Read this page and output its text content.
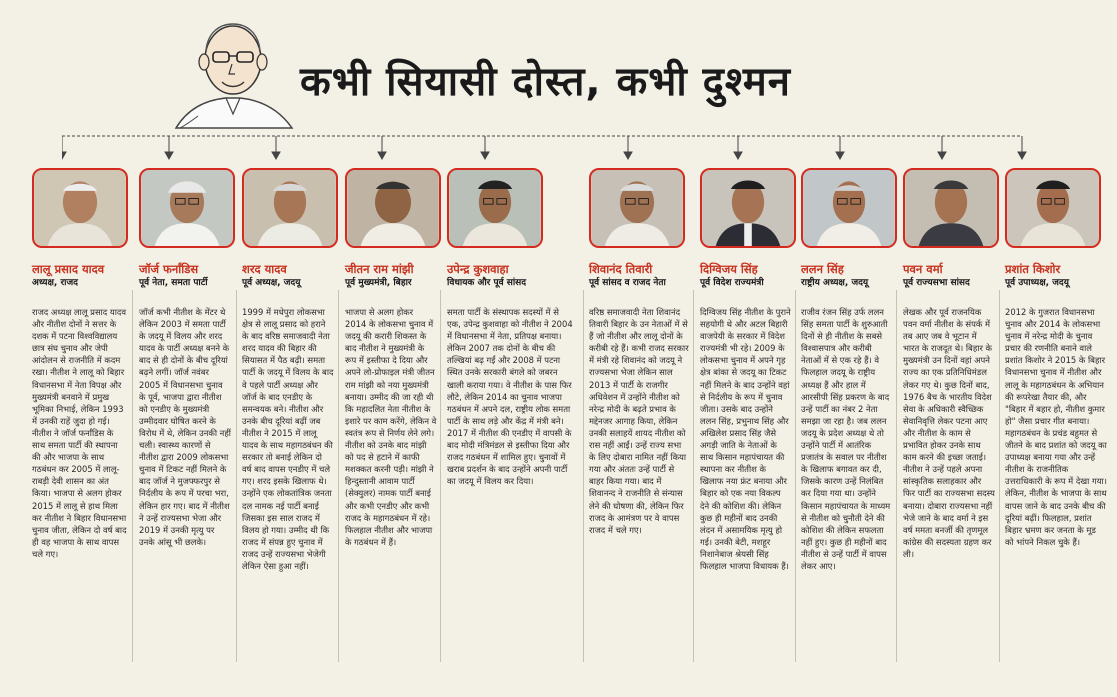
कभी सियासी दोस्त, कभी दुश्मन
लालू प्रसाद यादव
अध्यक्ष, राजद
जॉर्ज फर्नांडिस
पूर्व नेता, समता पार्टी
शरद यादव
पूर्व अध्यक्ष, जदयू
जीतन राम मांझी
पूर्व मुख्यमंत्री, बिहार
उपेन्द्र कुशवाहा
विधायक और पूर्व सांसद
शिवानंद तिवारी
पूर्व सांसद व राजद नेता
दिग्विजय सिंह
पूर्व विदेश राज्यमंत्री
ललन सिंह
राष्ट्रीय अध्यक्ष, जदयू
पवन वर्मा
पूर्व राज्यसभा सांसद
प्रशांत किशोर
पूर्व उपाध्यक्ष, जदयू
राजद अध्यक्ष लालू प्रसाद यादव और नीतीश दोनों ने सत्तर के दशक में पटना विश्वविद्यालय छात्र संघ चुनाव और जेपी आंदोलन से राजनीति में कदम रखा। नीतीश ने लालू को बिहार विधानसभा में नेता विपक्ष और मुख्यमंत्री बनवाने में प्रमुख भूमिका निभाई, लेकिन 1993 में उनकी राहें जुदा हो गई। नीतीश ने जॉर्ज फर्नांडिस के साथ समता पार्टी की स्थापना की और भाजपा के साथ गठबंधन कर 2005 में लालू-राबड़ी देवी शासन का अंत किया। भाजपा से अलग होकर 2015 में लालू से हाथ मिला कर नीतीश ने बिहार विधानसभा चुनाव जीता, लेकिन दो वर्ष बाद ही वह भाजपा के साथ वापस चले गए।
जॉर्ज कभी नीतीश के मेंटर थे लेकिन 2003 में समता पार्टी के जदयू में विलय और शरद यादव के पार्टी अध्यक्ष बनने के बाद से ही दोनों के बीच दूरियां बढ़ने लगीं। जॉर्ज नवंबर 2005 में विधानसभा चुनाव के पूर्व, भाजपा द्वारा नीतीश को एनडीए के मुख्यमंत्री उम्मीदवार घोषित करने के विरोध में थे, लेकिन उनकी नहीं चली। स्वास्थ्य कारणों से नीतीश द्वारा 2009 लोकसभा चुनाव में टिकट नहीं मिलने के बाद जॉर्ज ने मुजफ्फरपुर से निर्दलीय के रूप में परचा भरा, लेकिन हार गए। बाद में नीतीश ने उन्हें राज्यसभा भेजा और 2019 में उनकी मृत्यु पर उनके आंसू भी छलके।
1999 में मधेपुरा लोकसभा क्षेत्र से लालू प्रसाद को हराने के बाद वरिष्ठ समाजवादी नेता शरद यादव की बिहार की सियासत में पैठ बढ़ी। समता पार्टी के जदयू में विलय के बाद वे पहले पार्टी अध्यक्ष और जॉर्ज के बाद एनडीए के समन्वयक बने। नीतीश और उनके बीच दूरियां बढ़ीं जब नीतीश ने 2015 में लालू यादव के साथ महागठबंधन की सरकार तो बनाई लेकिन दो वर्ष बाद वापस एनडीए में चले गए। शरद इसके खिलाफ थे। उन्होंने एक लोकतांत्रिक जनता दल नामक नई पार्टी बनाई जिसका इस साल राजद में विलय हो गया। उम्मीद थी कि राजद में संपन्न हुए चुनाव में राजद उन्हें राज्यसभा भेजेगी लेकिन ऐसा हुआ नहीं।
भाजपा से अलग होकर 2014 के लोकसभा चुनाव में जदयू की करारी शिकस्त के बाद नीतीश ने मुख्यमंत्री के रूप में इस्तीफा दे दिया और अपने लो-प्रोफाइल मंत्री जीतन राम मांझी को नया मुख्यमंत्री बनाया। उम्मीद की जा रही थी कि महादलित नेता नीतीश के इशारे पर काम करेंगे, लेकिन वे स्वतंत्र रूप से निर्णय लेने लगे। नीतीश को उनके बाद मांझी को पद से हटाने में काफी मशक्कत करनी पड़ी। मांझी ने हिन्दुस्तानी आवाम पार्टी (सेक्युलर) नामक पार्टी बनाई और कभी एनडीए और कभी राजद के महागठबंधन में रहे। फिलहाल नीतीश और भाजपा के गठबंधन में हैं।
समता पार्टी के संस्थापक सदस्यों में से एक, उपेन्द्र कुशवाहा को नीतीश ने 2004 में विधानसभा में नेता, प्रतिपक्ष बनाया। लेकिन 2007 तक दोनों के बीच की तल्खियां बढ़ गईं और 2008 में पटना स्थित उनके सरकारी बंगले को जबरन खाली कराया गया। वे नीतीश के पास फिर लौटे, लेकिन 2014 का चुनाव भाजपा गठबंधन में अपने दल, राष्ट्रीय लोक समता पार्टी के साथ लड़े और केंद्र में मंत्री बने। 2017 में नीतीश की एनडीए में वापसी के बाद मोदी मंत्रिमंडल से इस्तीफा दिया और राजद गठबंधन में शामिल हुए। चुनावों में खराब प्रदर्शन के बाद उन्होंने अपनी पार्टी का जदयू में विलय कर दिया।
वरिष्ठ समाजवादी नेता शिवानंद तिवारी बिहार के उन नेताओं में से हैं जो नीतीश और लालू दोनों के करीबी रहे हैं। कभी राजद सरकार में मंत्री रहे शिवानंद को जदयू ने राज्यसभा भेजा लेकिन साल 2013 में पार्टी के राजगीर अधिवेशन में उन्होंने नीतीश को नरेन्द्र मोदी के बढ़ते प्रभाव के मद्देनजर आगाह किया, लेकिन उनकी सलाहयें शायद नीतीश को रास नहीं आईं। उन्हें राज्य सभा के लिए दोबारा नामित नहीं किया गया और अंततः उन्हें पार्टी से बाहर किया गया। बाद में शिवानन्द ने राजनीति से संन्यास लेने की घोषणा की, लेकिन फिर राजद के आमंत्रण पर वे वापस राजद में चले गए।
दिग्विजय सिंह नीतीश के पुराने सहयोगी थे और अटल बिहारी वाजपेयी के सरकार में विदेश राज्यमंत्री भी रहे। 2009 के लोकसभा चुनाव में अपने गृह क्षेत्र बांका से जदयू का टिकट नहीं मिलने के बाद उन्होंने वहां से निर्दलीय के रूप में चुनाव जीता। उसके बाद उन्होंने ललन सिंह, प्रभुनाथ सिंह और अखिलेश प्रसाद सिंह जैसे अगड़ी जाति के नेताओं के साथ किसान महापंचायत की स्थापना कर नीतीश के खिलाफ नया फ्रंट बनाया और बिहार को एक नया विकल्प देने की कोशिश की। लेकिन कुछ ही महीनों बाद उनकी लंदन में असामयिक मृत्यु हो गई। उनकी बेटी, मशहूर निशानेबाज श्रेयसी सिंह फिलहाल भाजपा विधायक हैं।
राजीव रंजन सिंह उर्फ ललन सिंह समता पार्टी के शुरुआती दिनों से ही नीतीश के सबसे विश्वासपात्र और करीबी नेताओं में से एक रहे हैं। वे फिलहाल जदयू के राष्ट्रीय अध्यक्ष हैं और हाल में आरसीपी सिंह प्रकरण के बाद उन्हें पार्टी का नंबर 2 नेता समझा जा रहा है। जब ललन जदयू के प्रदेश अध्यक्ष थे तो उन्होंने पार्टी में आतंरिक प्रजातंत्र के सवाल पर नीतीश के खिलाफ बगावत कर दी, जिसके कारण उन्हें निलंबित कर दिया गया था। उन्होंने किसान महापंचायत के माध्यम से नीतीश को चुनौती देने की कोशिश की लेकिन सफलता नहीं हुए। कुछ ही महीनों बाद नीतीश से उन्हें पार्टी में वापस लेकर आए।
लेखक और पूर्व राजनयिक पवन वर्मा नीतीश के संपर्क में तब आए जब वे भूटान में भारत के राजदूत थे। बिहार के मुख्यमंत्री उन दिनों वहां अपने राज्य का एक प्रतिनिधिमंडल लेकर गए थे। कुछ दिनों बाद, 1976 बैच के भारतीय विदेश सेवा के अधिकारी स्वैच्छिक सेवानिवृत्ति लेकर पटना आए और नीतीश के काम से प्रभावित होकर उनके साथ काम करने की इच्छा जताई। नीतीश ने उन्हें पहले अपना सांस्कृतिक सलाहकार और फिर पार्टी का राज्यसभा सदस्य बनाया। दोबारा राज्यसभा नहीं भेजे जाने के बाद वर्मा ने इस वर्ष ममता बनर्जी की तृणमूल कांग्रेस की सदस्यता ग्रहण कर ली।
2012 के गुजरात विधानसभा चुनाव और 2014 के लोकसभा चुनाव में नरेन्द्र मोदी के चुनाव प्रचार की रणनीति बनाने वाले प्रशांत किशोर ने 2015 के बिहार विधानसभा चुनाव में नीतीश और लालू के महागठबंधन के अभियान की रूपरेखा तैयार की, और "बिहार में बहार हो, नीतीश कुमार हो" जैसा प्रचार गीत बनाया। महागठबंधन के प्रचंड बहुमत से जीतने के बाद प्रशांत को जदयू का उपाध्यक्ष बनाया गया और उन्हें नीतीश के राजनीतिक उत्तराधिकारी के रूप में देखा गया। लेकिन, नीतीश के भाजपा के साथ वापस जाने के बाद उनके बीच की दूरियां बढ़ीं। फिलहाल, प्रशांत बिहार भ्रमण कर जनता के मूड को भांपने निकल चुके हैं।
